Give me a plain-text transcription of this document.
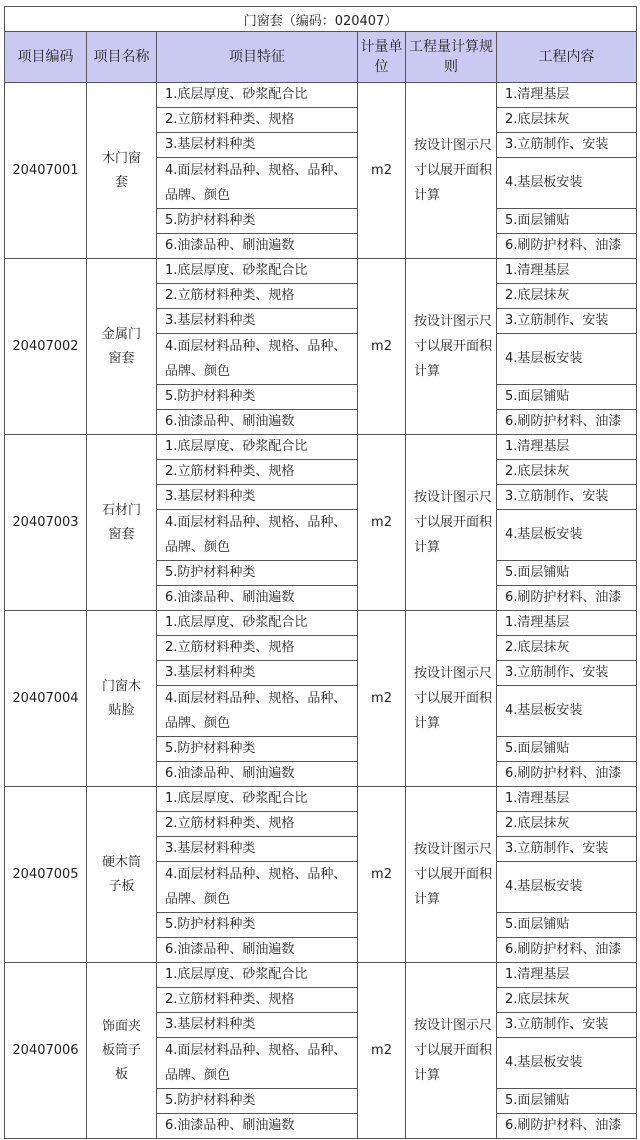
门窗套（编码：020407）					
项目编码	项目名称	项目特征	计量单位	工程量计算规则	工程内容
20407001	木门窗套	1.底层厚度、砂浆配合比	m2	按设计图示尺寸以展开面积计算	1.清理基层
		2.立筋材料种类、规格			2.底层抹灰
		3.基层材料种类			3.立筋制作、安装
		4.面层材料品种、规格、品种、品牌、颜色			4.基层板安装
		5.防护材料种类			5.面层铺贴
		6.油漆品种、刷油遍数			6.刷防护材料、油漆
20407002	金属门窗套	1.底层厚度、砂浆配合比	m2	按设计图示尺寸以展开面积计算	1.清理基层
		2.立筋材料种类、规格			2.底层抹灰
		3.基层材料种类			3.立筋制作、安装
		4.面层材料品种、规格、品种、品牌、颜色			4.基层板安装
		5.防护材料种类			5.面层铺贴
		6.油漆品种、刷油遍数			6.刷防护材料、油漆
20407003	石材门窗套	1.底层厚度、砂浆配合比	m2	按设计图示尺寸以展开面积计算	1.清理基层
		2.立筋材料种类、规格			2.底层抹灰
		3.基层材料种类			3.立筋制作、安装
		4.面层材料品种、规格、品种、品牌、颜色			4.基层板安装
		5.防护材料种类			5.面层铺贴
		6.油漆品种、刷油遍数			6.刷防护材料、油漆
20407004	门窗木贴脸	1.底层厚度、砂浆配合比	m2	按设计图示尺寸以展开面积计算	1.清理基层
		2.立筋材料种类、规格			2.底层抹灰
		3.基层材料种类			3.立筋制作、安装
		4.面层材料品种、规格、品种、品牌、颜色			4.基层板安装
		5.防护材料种类			5.面层铺贴
		6.油漆品种、刷油遍数			6.刷防护材料、油漆
20407005	硬木筒子板	1.底层厚度、砂浆配合比	m2	按设计图示尺寸以展开面积计算	1.清理基层
		2.立筋材料种类、规格			2.底层抹灰
		3.基层材料种类			3.立筋制作、安装
		4.面层材料品种、规格、品种、品牌、颜色			4.基层板安装
		5.防护材料种类			5.面层铺贴
		6.油漆品种、刷油遍数			6.刷防护材料、油漆
20407006	饰面夹板筒子板	1.底层厚度、砂浆配合比	m2	按设计图示尺寸以展开面积计算	1.清理基层
		2.立筋材料种类、规格			2.底层抹灰
		3.基层材料种类			3.立筋制作、安装
		4.面层材料品种、规格、品种、品牌、颜色			4.基层板安装
		5.防护材料种类			5.面层铺贴
		6.油漆品种、刷油遍数			6.刷防护材料、油漆
